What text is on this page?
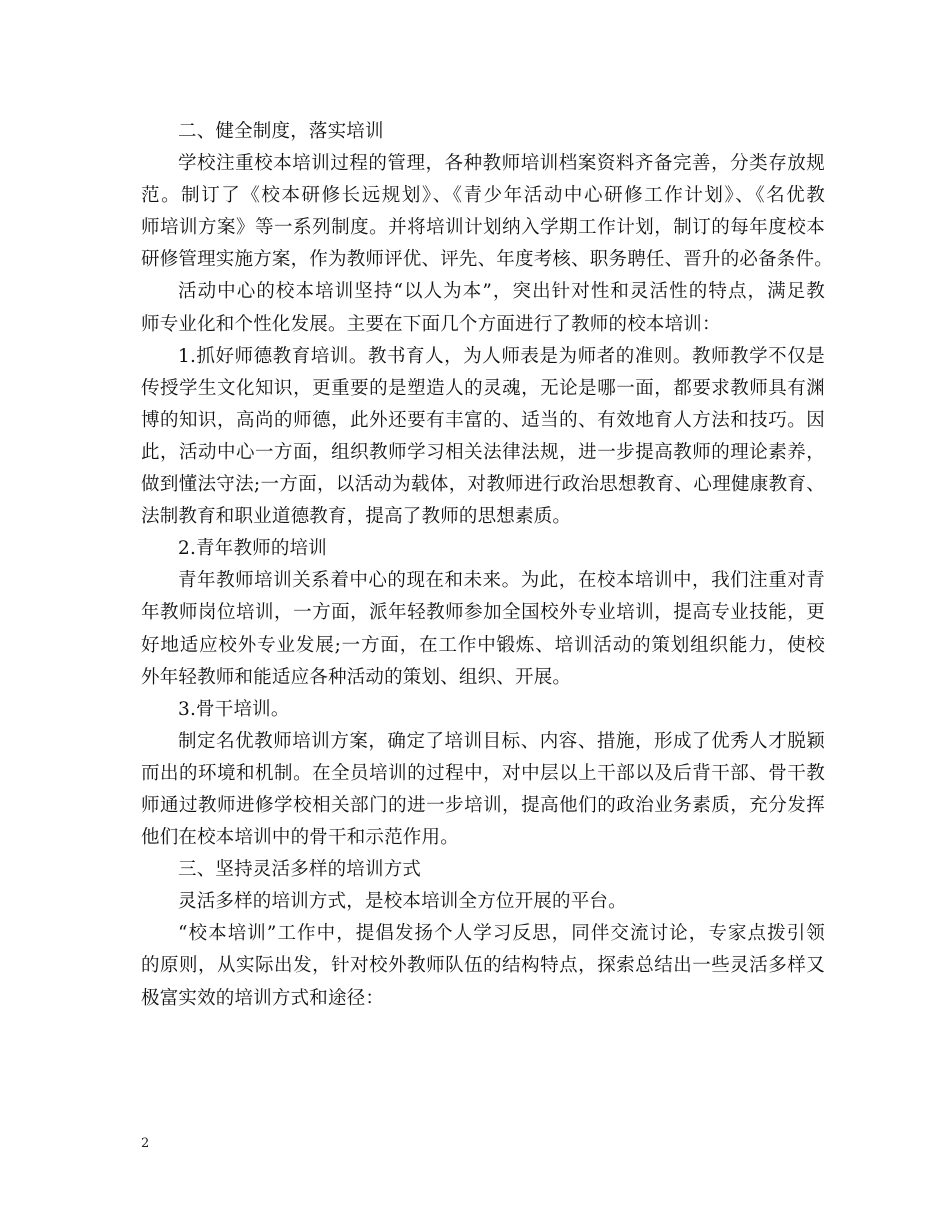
二、健全制度，落实培训
学校注重校本培训过程的管理，各种教师培训档案资料齐备完善，分类存放规
范。制订了《校本研修长远规划》、《青少年活动中心研修工作计划》、《名优教
师培训方案》等一系列制度。并将培训计划纳入学期工作计划，制订的每年度校本
研修管理实施方案，作为教师评优、评先、年度考核、职务聘任、晋升的必备条件。
活动中心的校本培训坚持“以人为本”，突出针对性和灵活性的特点，满足教
师专业化和个性化发展。主要在下面几个方面进行了教师的校本培训：
1.抓好师德教育培训。教书育人，为人师表是为师者的准则。教师教学不仅是
传授学生文化知识，更重要的是塑造人的灵魂，无论是哪一面，都要求教师具有渊
博的知识，高尚的师德，此外还要有丰富的、适当的、有效地育人方法和技巧。因
此，活动中心一方面，组织教师学习相关法律法规，进一步提高教师的理论素养，
做到懂法守法;一方面，以活动为载体，对教师进行政治思想教育、心理健康教育、
法制教育和职业道德教育，提高了教师的思想素质。
2.青年教师的培训
青年教师培训关系着中心的现在和未来。为此，在校本培训中，我们注重对青
年教师岗位培训，一方面，派年轻教师参加全国校外专业培训，提高专业技能，更
好地适应校外专业发展;一方面，在工作中锻炼、培训活动的策划组织能力，使校
外年轻教师和能适应各种活动的策划、组织、开展。
3.骨干培训。
制定名优教师培训方案，确定了培训目标、内容、措施，形成了优秀人才脱颖
而出的环境和机制。在全员培训的过程中，对中层以上干部以及后背干部、骨干教
师通过教师进修学校相关部门的进一步培训，提高他们的政治业务素质，充分发挥
他们在校本培训中的骨干和示范作用。
三、坚持灵活多样的培训方式
灵活多样的培训方式，是校本培训全方位开展的平台。
“校本培训”工作中，提倡发扬个人学习反思，同伴交流讨论，专家点拨引领
的原则，从实际出发，针对校外教师队伍的结构特点，探索总结出一些灵活多样又
极富实效的培训方式和途径：
2
